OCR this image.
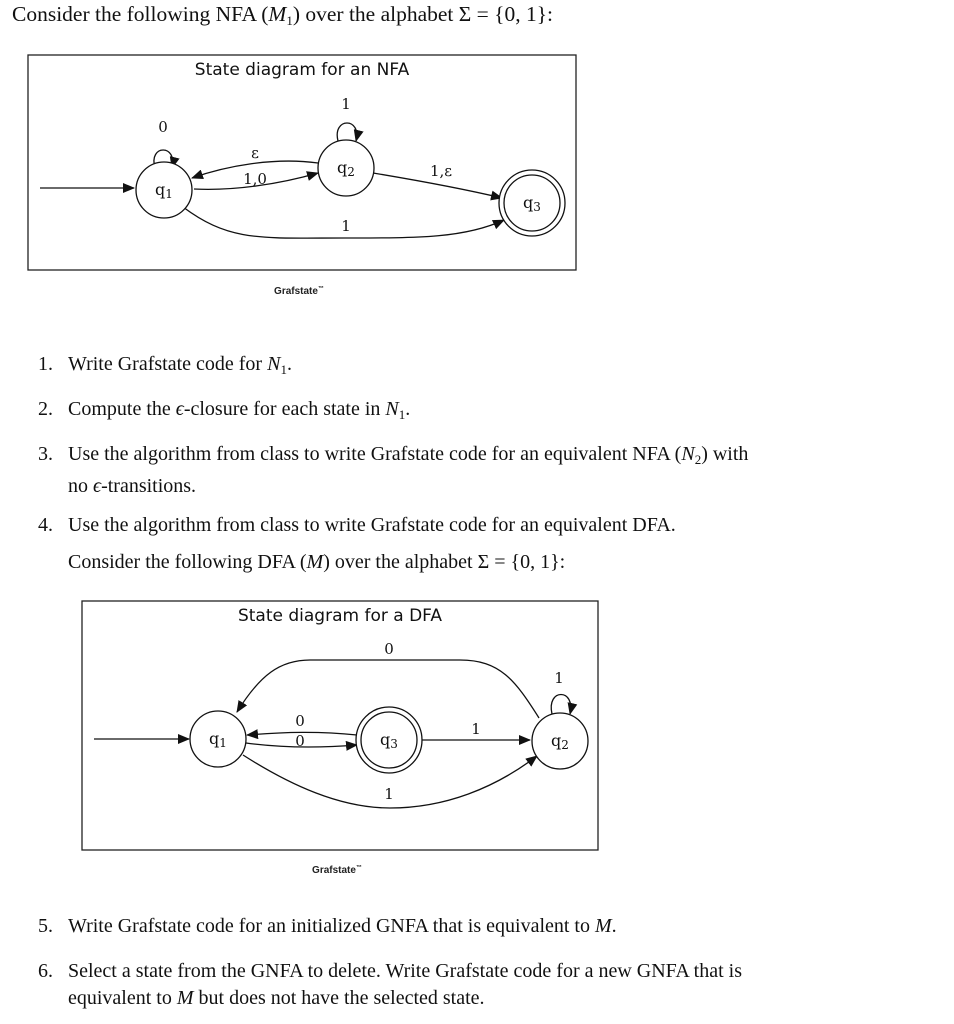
Consider the following NFA $(M_1)$ over the alphabet Σ = {0, 1}:
State diagram for an NFA
0
1
ε
1,0	1,ε
1
q1
q2
q3
Grafstate™
State diagram for a DFA
0
1
0
0
1
1
q1	q3	q2
Grafstate™
1. Write Grafstate code for $N_1$.
2. Compute the ϵ-closure for each state in $N_1$.
3. Use the algorithm from class to write Grafstate code for an equivalent NFA $(N_2)$ with
no ϵ-transitions.
4. Use the algorithm from class to write Grafstate code for an equivalent DFA.
Consider the following DFA (M) over the alphabet Σ = {0, 1}:
5. Write Grafstate code for an initialized GNFA that is equivalent to M.
6. Select a state from the GNFA to delete. Write Grafstate code for a new GNFA that is
equivalent to M but does not have the selected state.
